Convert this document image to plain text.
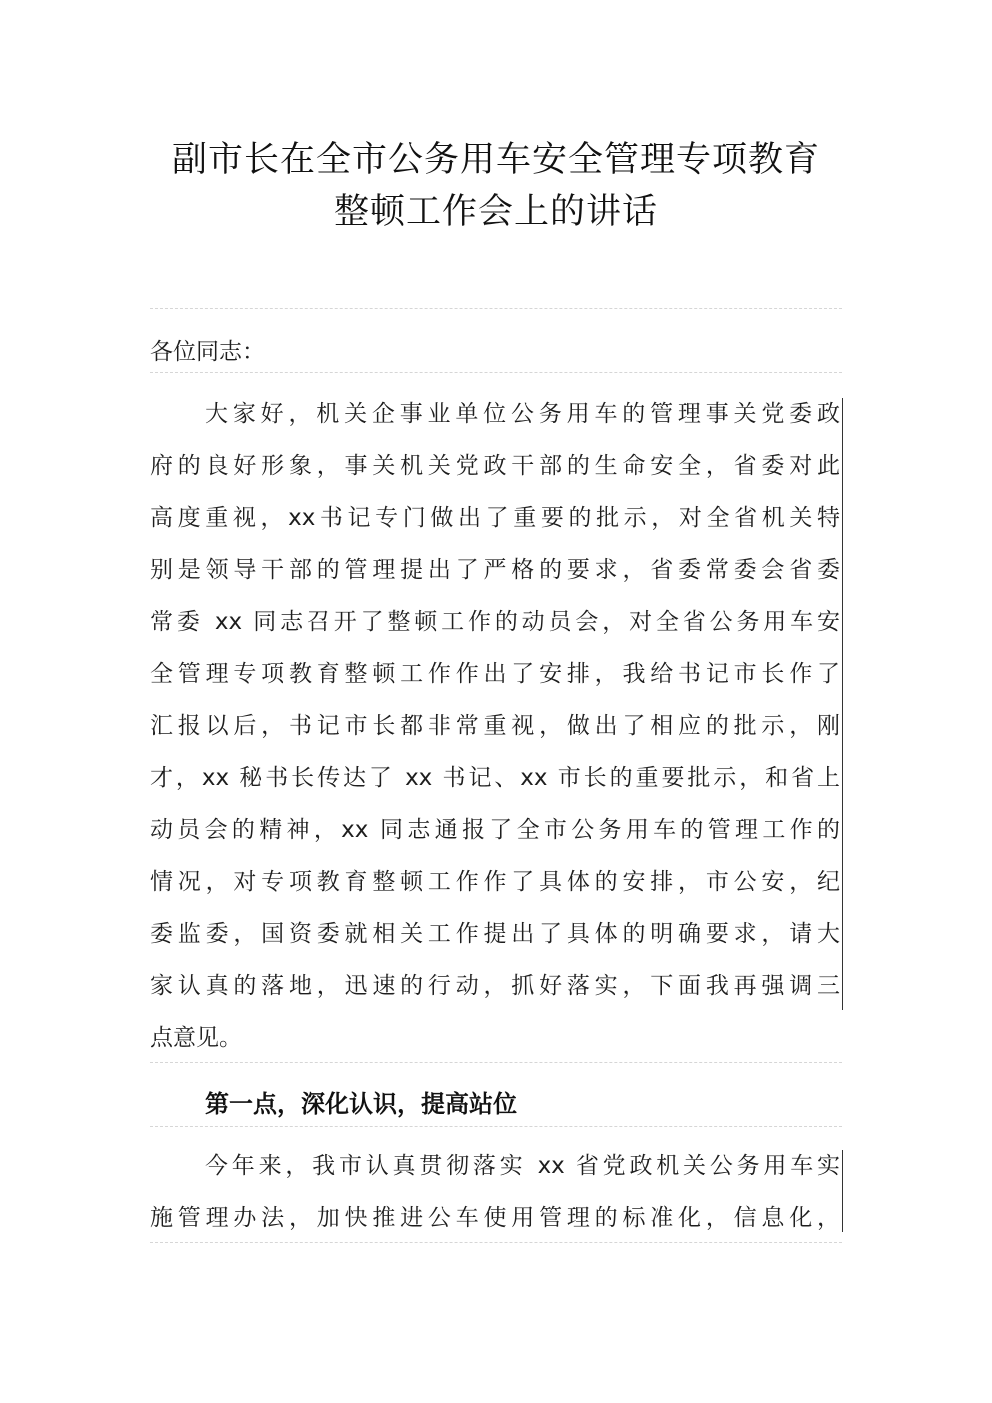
副市长在全市公务用车安全管理专项教育
整顿工作会上的讲话
各位同志：
大家好，机关企事业单位公务用车的管理事关党委政
府的良好形象，事关机关党政干部的生命安全，省委对此
高度重视，xx书记专门做出了重要的批示，对全省机关特
别是领导干部的管理提出了严格的要求，省委常委会省委
常委 xx 同志召开了整顿工作的动员会，对全省公务用车安
全管理专项教育整顿工作作出了安排，我给书记市长作了
汇报以后，书记市长都非常重视，做出了相应的批示，刚
才，xx 秘书长传达了 xx 书记、xx 市长的重要批示，和省上
动员会的精神，xx 同志通报了全市公务用车的管理工作的
情况，对专项教育整顿工作作了具体的安排，市公安，纪
委监委，国资委就相关工作提出了具体的明确要求，请大
家认真的落地，迅速的行动，抓好落实，下面我再强调三
点意见。
第一点，深化认识，提高站位
今年来，我市认真贯彻落实 xx 省党政机关公务用车实
施管理办法，加快推进公车使用管理的标准化，信息化，
